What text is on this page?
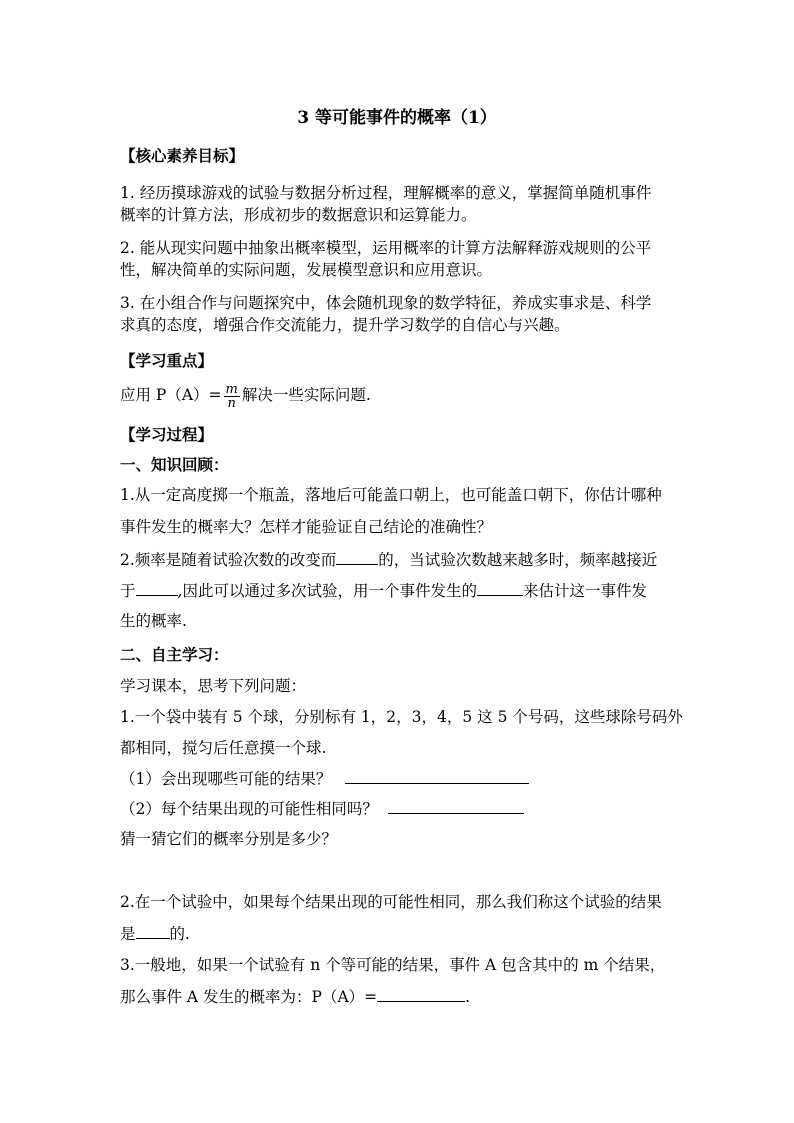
3 等可能事件的概率（1）
【核心素养目标】
1. 经历摸球游戏的试验与数据分析过程，理解概率的意义，掌握简单随机事件
概率的计算方法，形成初步的数据意识和运算能力。
2. 能从现实问题中抽象出概率模型，运用概率的计算方法解释游戏规则的公平
性，解决简单的实际问题，发展模型意识和应用意识。
3. 在小组合作与问题探究中，体会随机现象的数学特征，养成实事求是、科学
求真的态度，增强合作交流能力，提升学习数学的自信心与兴趣。
【学习重点】
应用 $P(A)= \frac{m}{n}$ 解决一些实际问题.
【学习过程】
一、知识回顾：
1.从一定高度掷一个瓶盖，落地后可能盖口朝上，也可能盖口朝下，你估计哪种
事件发生的概率大？怎样才能验证自己结论的准确性？
2.频率是随着试验次数的改变而	的，当试验次数越来越多时，频率越接近
于	,因此可以通过多次试验，用一个事件发生的	来估计这一事件发
生的概率.
二、自主学习：
学习课本，思考下列问题：
1.一个袋中装有 5 个球，分别标有 1，2，3，4，5 这 5 个号码，这些球除号码外
都相同，搅匀后任意摸一个球.
（1）会出现哪些可能的结果？
（2）每个结果出现的可能性相同吗？
猜一猜它们的概率分别是多少？
2.在一个试验中，如果每个结果出现的可能性相同，那么我们称这个试验的结果
是 的.
3.一般地，如果一个试验有 n 个等可能的结果，事件 A 包含其中的 m 个结果，
那么事件 A 发生的概率为：P（A）=	.
